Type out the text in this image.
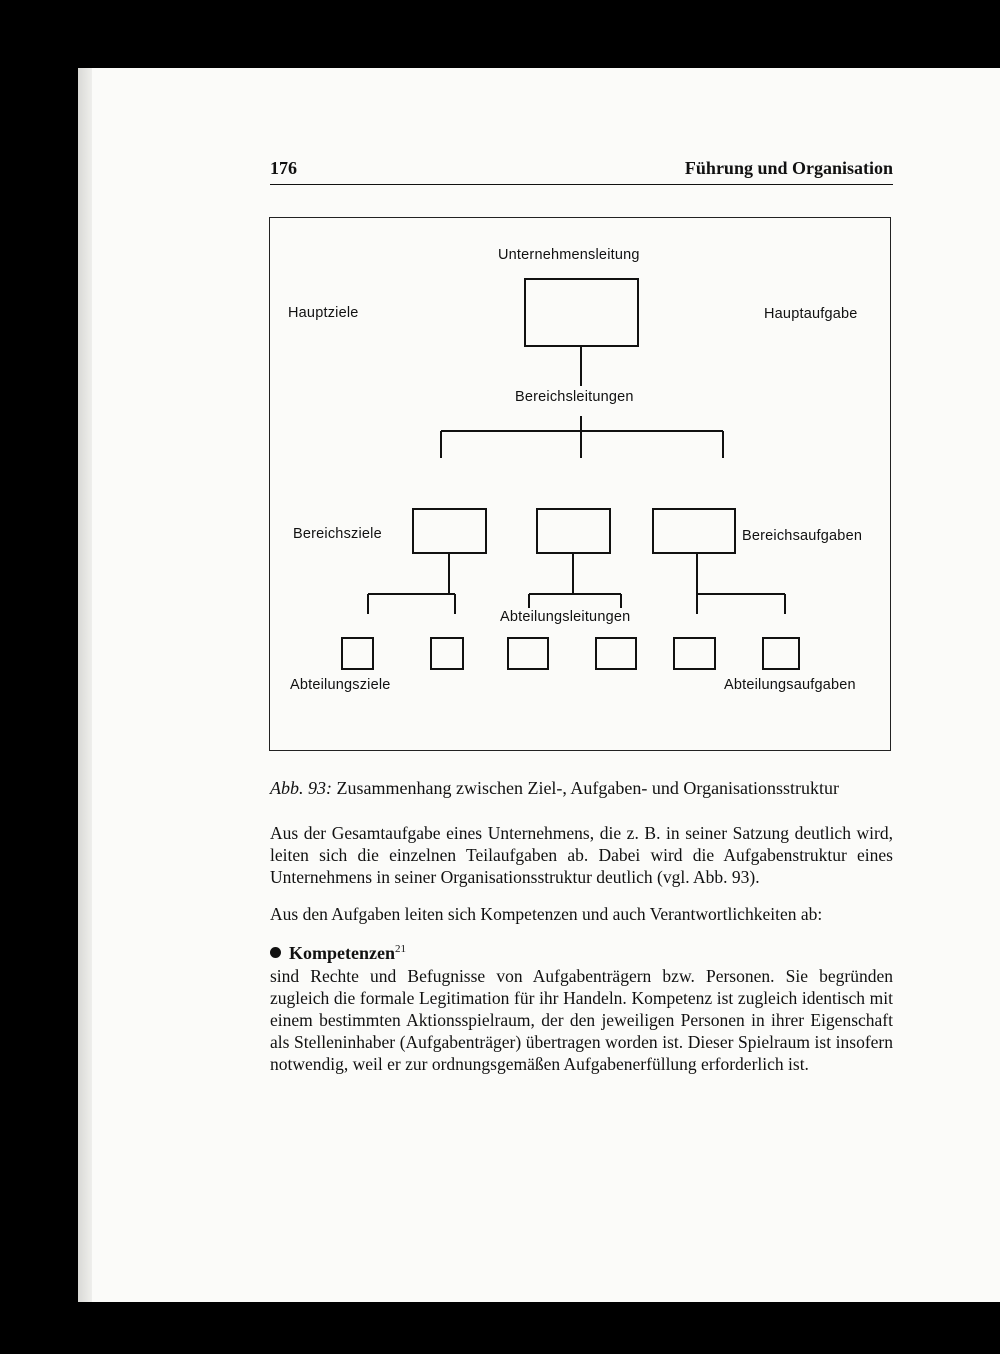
176	Führung und Organisation
Unternehmensleitung
Hauptziele	Hauptaufgabe
Bereichsleitungen
Bereichsziele	Bereichsaufgaben
Abteilungsleitungen
Abteilungsziele	Abteilungsaufgaben
Abb. 93: Zusammenhang zwischen Ziel-, Aufgaben- und Organisationsstruktur

Aus der Gesamtaufgabe eines Unternehmens, die z. B. in seiner Satzung deutlich wird, leiten sich die einzelnen Teilaufgaben ab. Dabei wird die Aufgabenstruktur eines Unternehmens in seiner Organisationsstruktur deutlich (vgl. Abb. 93).

Aus den Aufgaben leiten sich Kompetenzen und auch Verantwortlichkeiten ab:

Kompetenzen$^{21}$

sind Rechte und Befugnisse von Aufgabenträgern bzw. Personen. Sie begründen zugleich die formale Legitimation für ihr Handeln. Kompetenz ist zugleich identisch mit einem bestimmten Aktionsspielraum, der den jeweiligen Personen in ihrer Eigenschaft als Stelleninhaber (Aufgabenträger) übertragen worden ist. Dieser Spielraum ist insofern notwendig, weil er zur ordnungsgemäßen Aufgabenerfüllung erforderlich ist.
